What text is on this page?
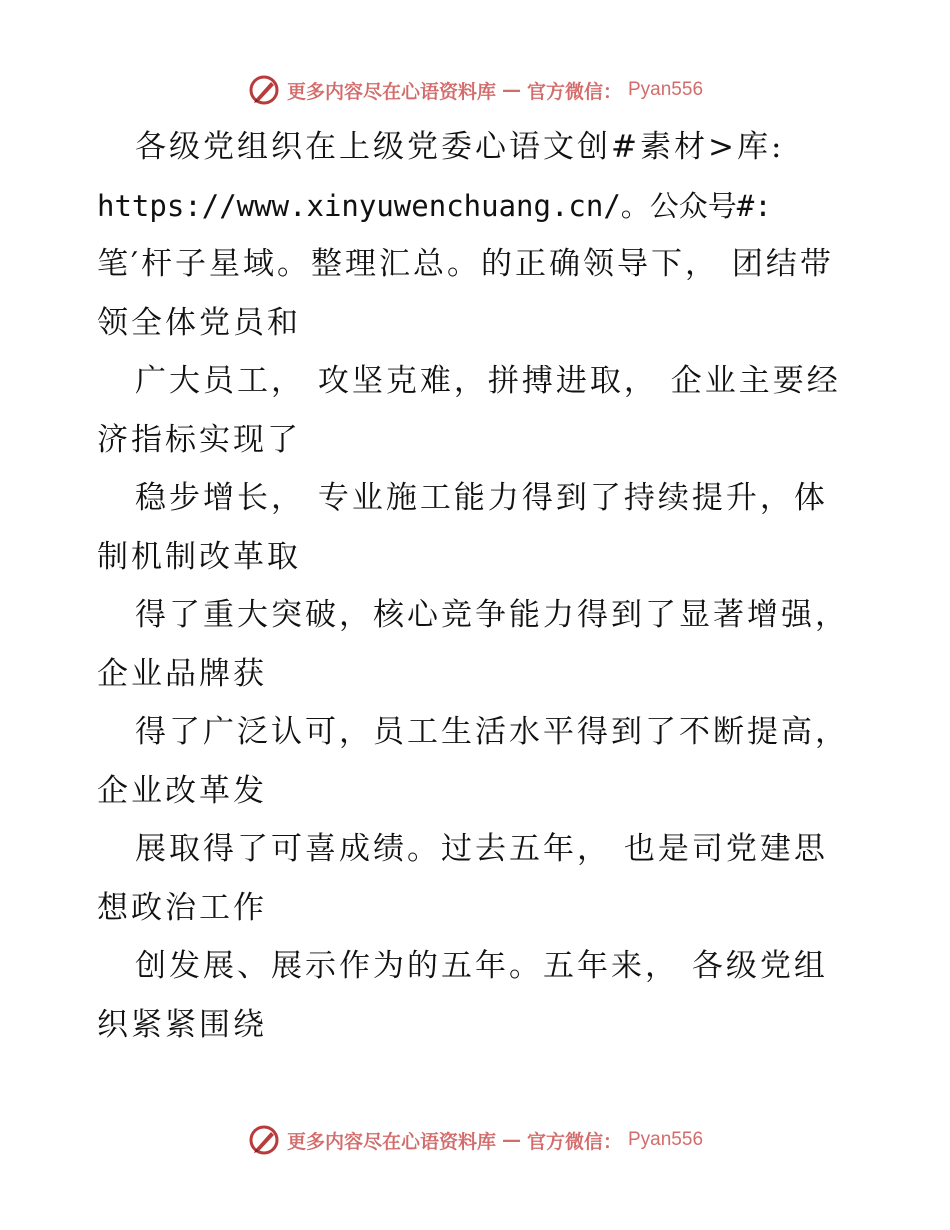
更多内容尽在心语资料库 — 官方微信： Pyan556
各级党组织在上级党委心语文创#素材>库:
https://www.xinyuwenchuang.cn/。公众号#:
笔′杆子星域。整理汇总。的正确领导下， 团结带
领全体党员和
广大员工， 攻坚克难，拼搏进取， 企业主要经
济指标实现了
稳步增长， 专业施工能力得到了持续提升，体
制机制改革取
得了重大突破，核心竞争能力得到了显著增强，
企业品牌获
得了广泛认可，员工生活水平得到了不断提高，
企业改革发
展取得了可喜成绩。过去五年， 也是司党建思
想政治工作
创发展、展示作为的五年。五年来， 各级党组
织紧紧围绕
更多内容尽在心语资料库 — 官方微信： Pyan556
